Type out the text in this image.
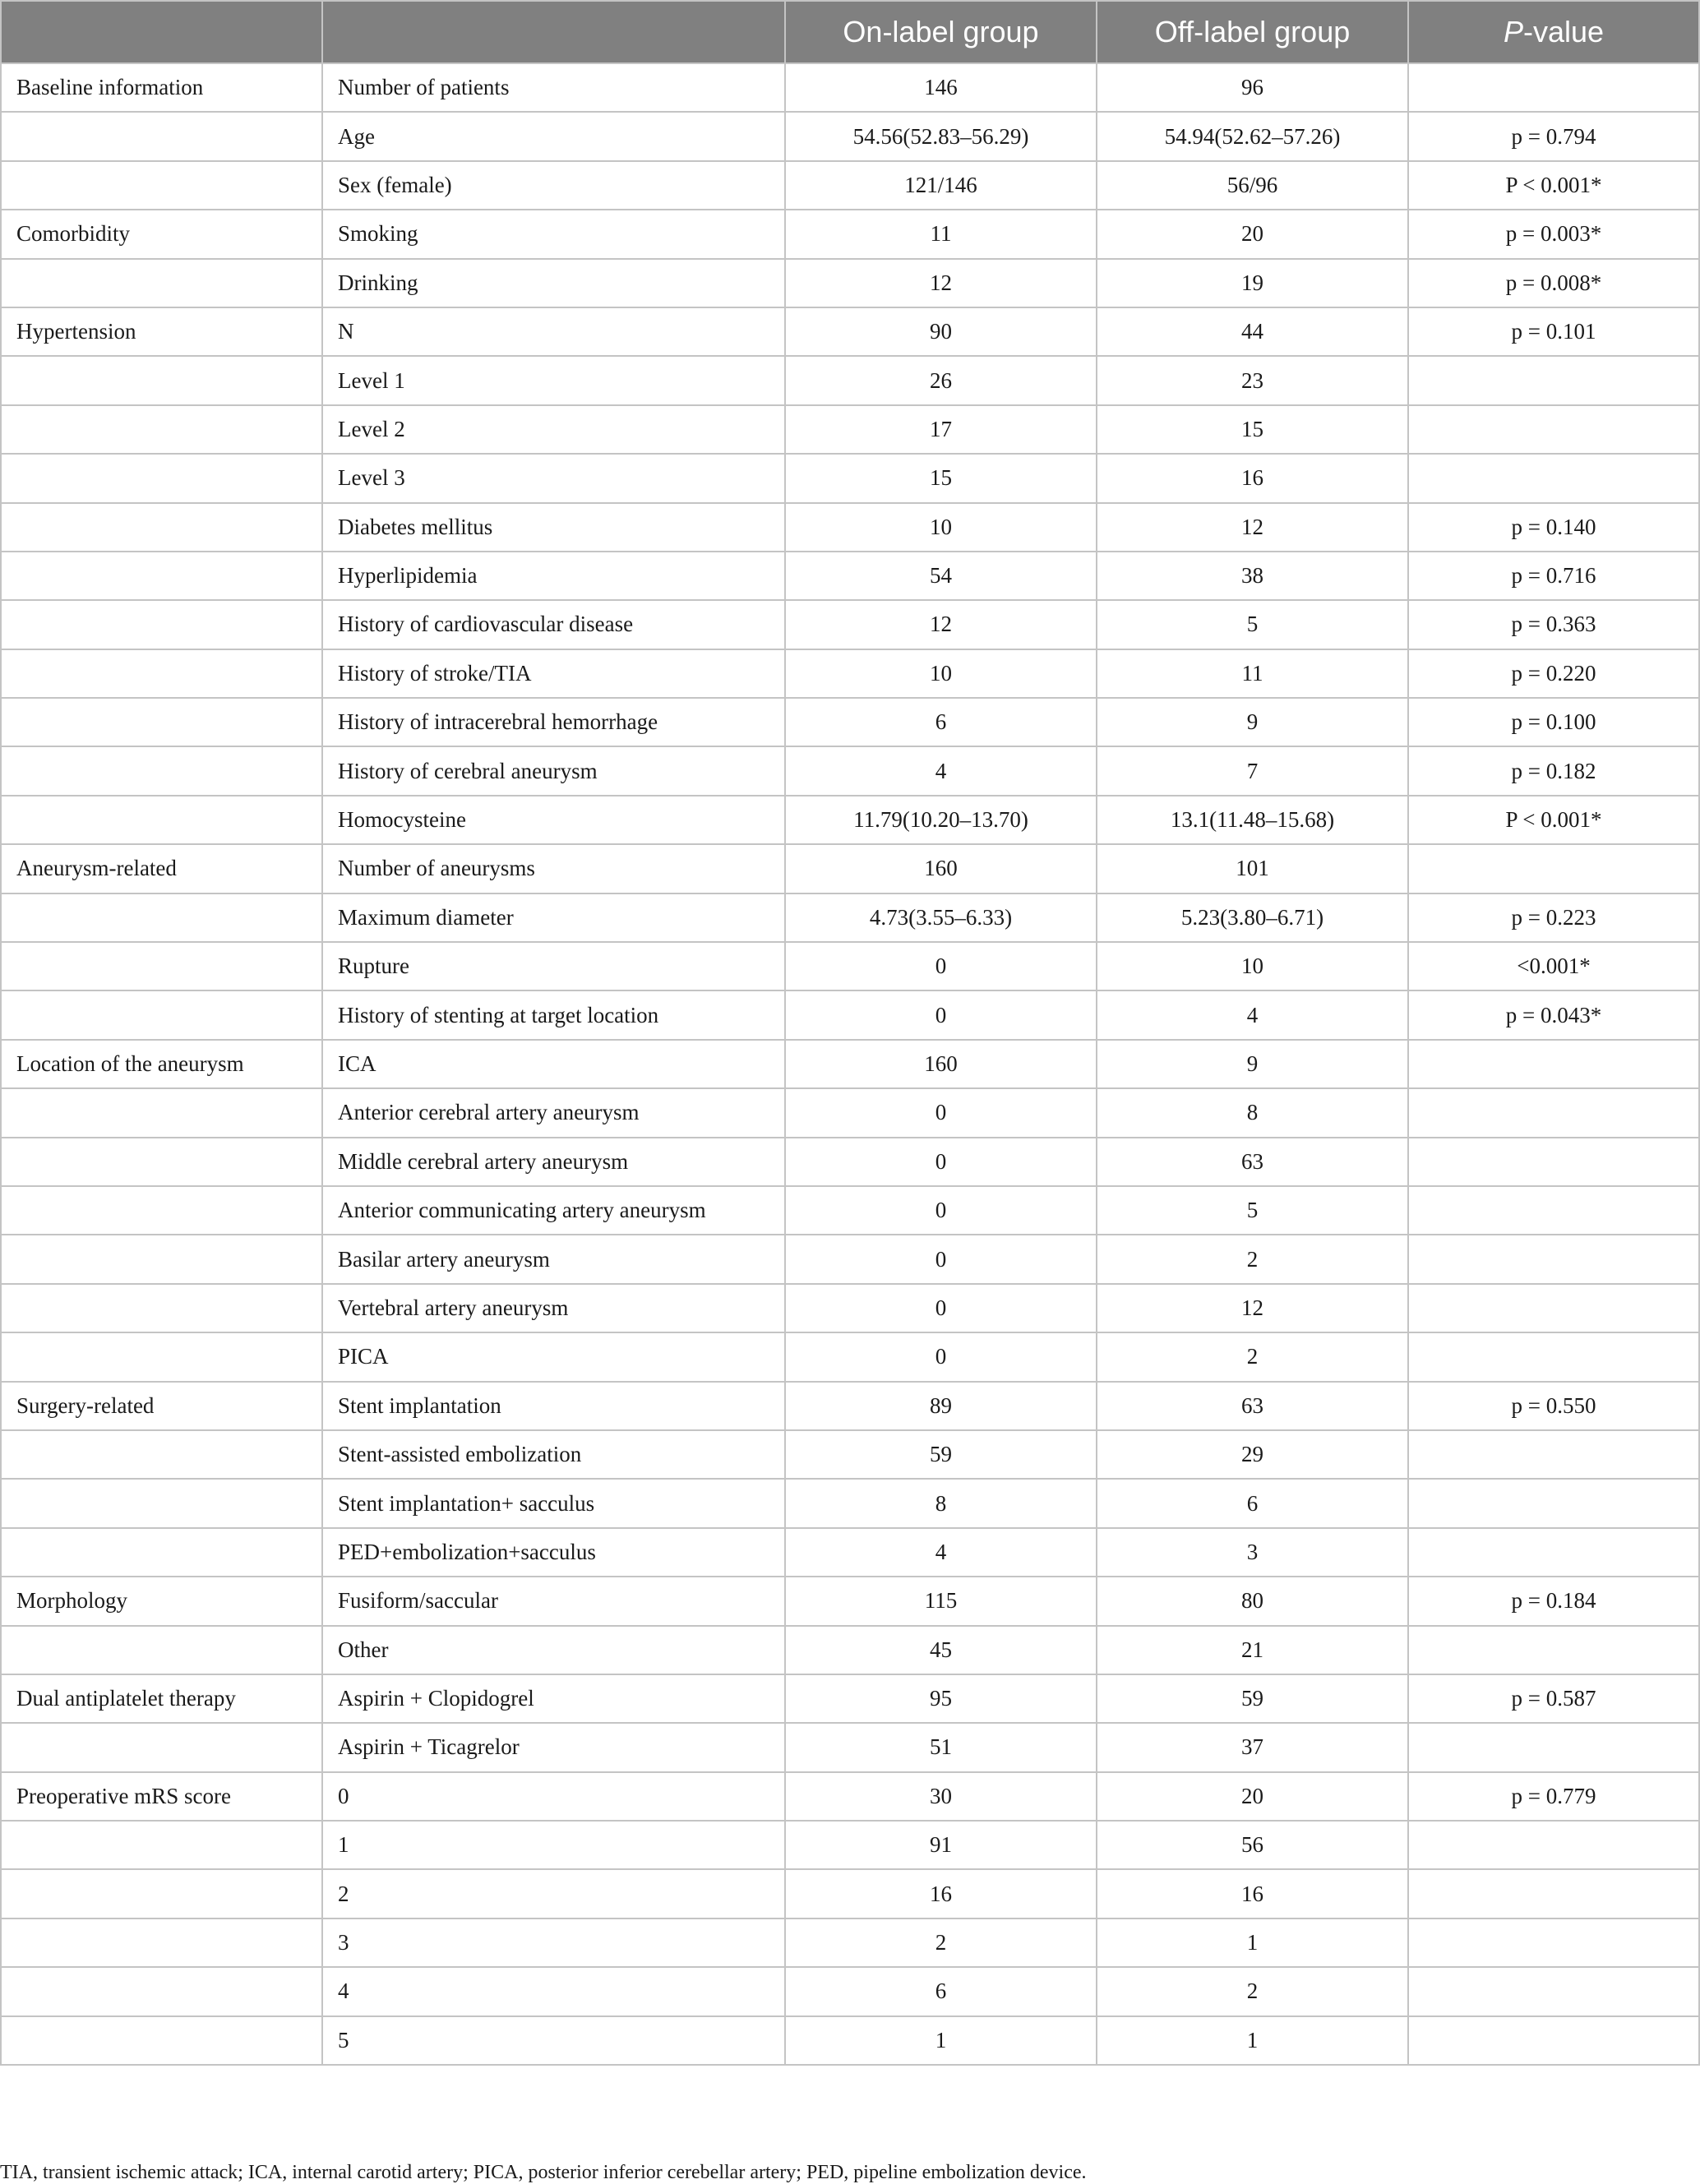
		On-label group	Off-label group	P-value
Baseline information	Number of patients	146	96	
	Age	54.56(52.83–56.29)	54.94(52.62–57.26)	p = 0.794
	Sex (female)	121/146	56/96	P < 0.001*
Comorbidity	Smoking	11	20	p = 0.003*
	Drinking	12	19	p = 0.008*
Hypertension	N	90	44	p = 0.101
	Level 1	26	23	
	Level 2	17	15	
	Level 3	15	16	
	Diabetes mellitus	10	12	p = 0.140
	Hyperlipidemia	54	38	p = 0.716
	History of cardiovascular disease	12	5	p = 0.363
	History of stroke/TIA	10	11	p = 0.220
	History of intracerebral hemorrhage	6	9	p = 0.100
	History of cerebral aneurysm	4	7	p = 0.182
	Homocysteine	11.79(10.20–13.70)	13.1(11.48–15.68)	P < 0.001*
Aneurysm-related	Number of aneurysms	160	101	
	Maximum diameter	4.73(3.55–6.33)	5.23(3.80–6.71)	p = 0.223
	Rupture	0	10	<0.001*
	History of stenting at target location	0	4	p = 0.043*
Location of the aneurysm	ICA	160	9	
	Anterior cerebral artery aneurysm	0	8	
	Middle cerebral artery aneurysm	0	63	
	Anterior communicating artery aneurysm	0	5	
	Basilar artery aneurysm	0	2	
	Vertebral artery aneurysm	0	12	
	PICA	0	2	
Surgery-related	Stent implantation	89	63	p = 0.550
	Stent-assisted embolization	59	29	
	Stent implantation+ sacculus	8	6	
	PED+embolization+sacculus	4	3	
Morphology	Fusiform/saccular	115	80	p = 0.184
	Other	45	21	
Dual antiplatelet therapy	Aspirin + Clopidogrel	95	59	p = 0.587
	Aspirin + Ticagrelor	51	37	
Preoperative mRS score	0	30	20	p = 0.779
	1	91	56	
	2	16	16	
	3	2	1	
	4	6	2	
	5	1	1	
TIA, transient ischemic attack; ICA, internal carotid artery; PICA, posterior inferior cerebellar artery; PED, pipeline embolization device.
